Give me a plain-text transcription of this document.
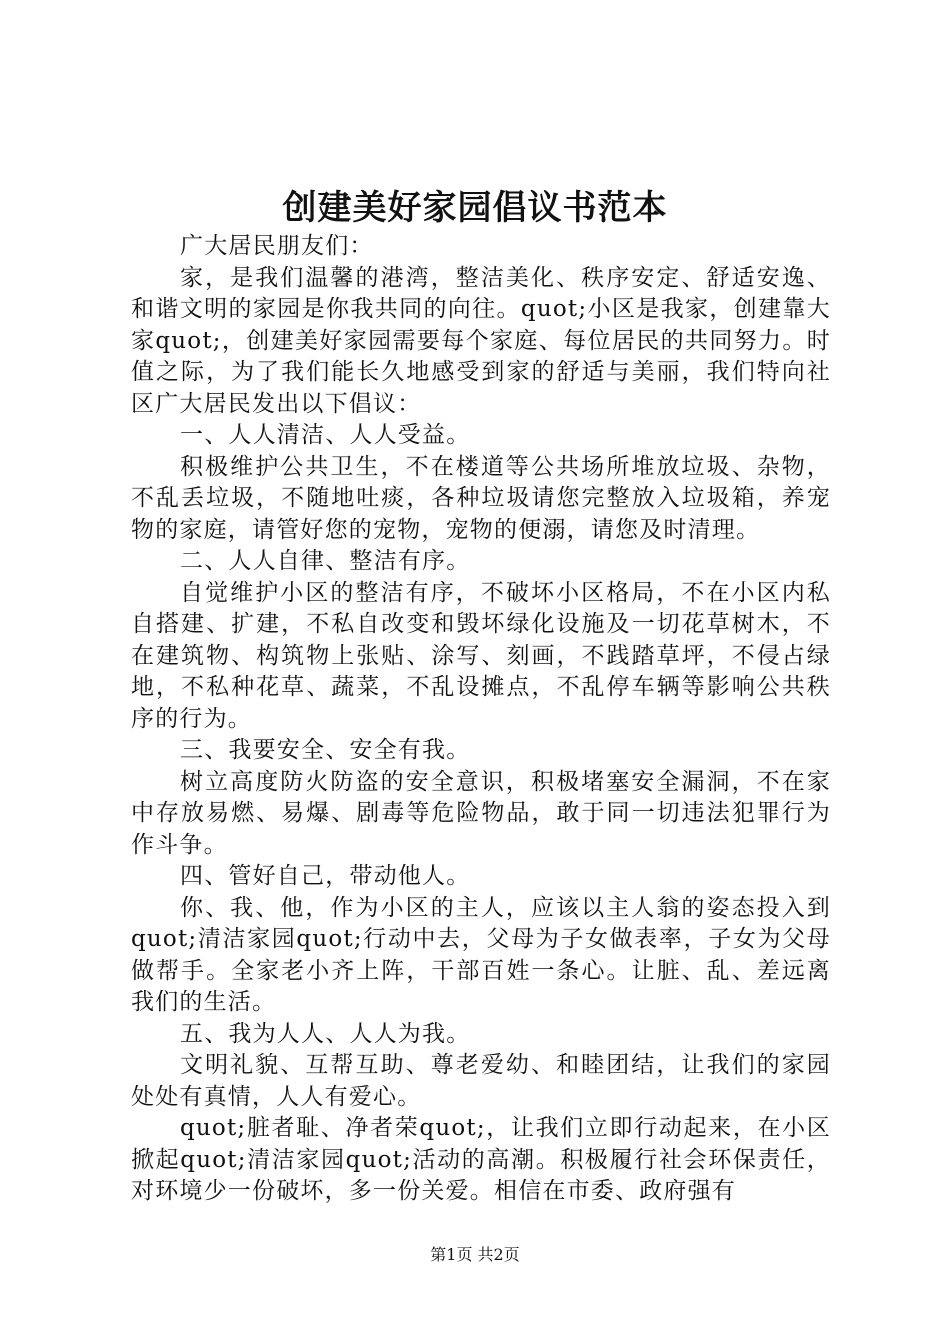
创建美好家园倡议书范本

广大居民朋友们：

家，是我们温馨的港湾，整洁美化、秩序安定、舒适安逸、和谐文明的家园是你我共同的向往。quot;小区是我家，创建靠大家quot;，创建美好家园需要每个家庭、每位居民的共同努力。时值之际，为了我们能长久地感受到家的舒适与美丽，我们特向社区广大居民发出以下倡议：

一、人人清洁、人人受益。

积极维护公共卫生，不在楼道等公共场所堆放垃圾、杂物，不乱丢垃圾，不随地吐痰，各种垃圾请您完整放入垃圾箱，养宠物的家庭，请管好您的宠物，宠物的便溺，请您及时清理。

二、人人自律、整洁有序。

自觉维护小区的整洁有序，不破坏小区格局，不在小区内私自搭建、扩建，不私自改变和毁坏绿化设施及一切花草树木，不在建筑物、构筑物上张贴、涂写、刻画，不践踏草坪，不侵占绿地，不私种花草、蔬菜，不乱设摊点，不乱停车辆等影响公共秩序的行为。

三、我要安全、安全有我。

树立高度防火防盗的安全意识，积极堵塞安全漏洞，不在家中存放易燃、易爆、剧毒等危险物品，敢于同一切违法犯罪行为作斗争。

四、管好自己，带动他人。

你、我、他，作为小区的主人，应该以主人翁的姿态投入到quot;清洁家园quot;行动中去，父母为子女做表率，子女为父母做帮手。全家老小齐上阵，干部百姓一条心。让脏、乱、差远离我们的生活。

五、我为人人、人人为我。

文明礼貌、互帮互助、尊老爱幼、和睦团结，让我们的家园处处有真情，人人有爱心。

quot;脏者耻、净者荣quot;，让我们立即行动起来，在小区掀起quot;清洁家园quot;活动的高潮。积极履行社会环保责任，对环境少一份破坏，多一份关爱。相信在市委、政府强有

第1页 共2页
